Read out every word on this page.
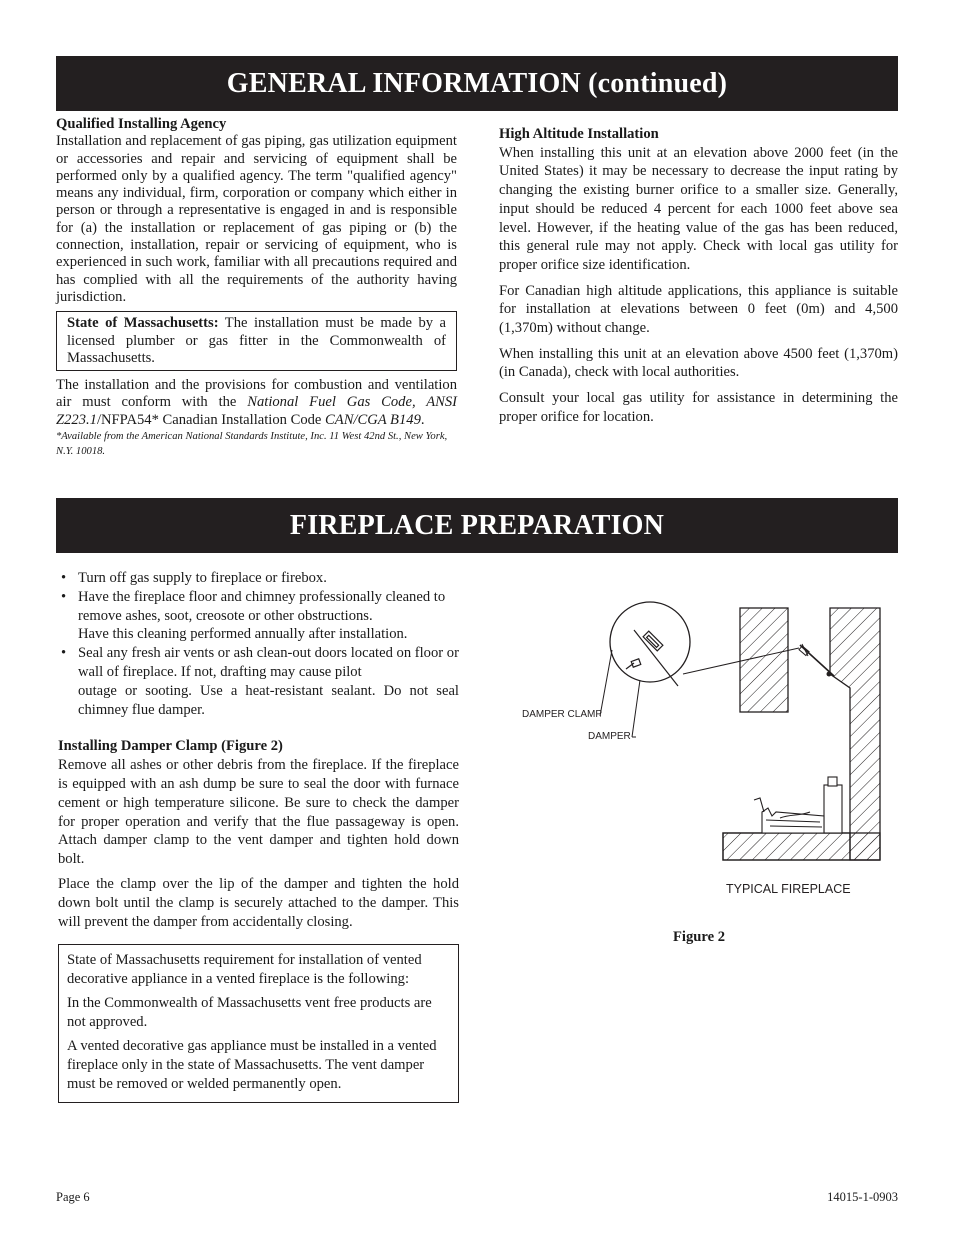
GENERAL INFORMATION (continued)
Qualified Installing Agency

Installation and replacement of gas piping, gas utilization equipment or accessories and repair and servicing of equipment shall be performed only by a qualified agency. The term "qualified agency" means any individual, firm, corporation or company which either in person or through a representative is engaged in and is responsible for (a) the installation or replacement of gas piping or (b) the connection, installation, repair or servicing of equipment, who is experienced in such work, familiar with all precautions required and has complied with all the requirements of the authority having jurisdiction.

State of Massachusetts: The installation must be made by a licensed plumber or gas fitter in the Commonwealth of Massachusetts.

The installation and the provisions for combustion and ventilation air must conform with the National Fuel Gas Code, ANSI Z223.1/NFPA54* Canadian Installation Code CAN/CGA B149.

*Available from the American National Standards Institute, Inc. 11 West 42nd St., New York, N.Y. 10018.

High Altitude Installation

When installing this unit at an elevation above 2000 feet (in the United States) it may be necessary to decrease the input rating by changing the existing burner orifice to a smaller size. Generally, input should be reduced 4 percent for each 1000 feet above sea level. However, if the heating value of the gas has been reduced, this general rule may not apply. Check with local gas utility for proper orifice size identification.

For Canadian high altitude applications, this appliance is suitable for installation at elevations between 0 feet (0m) and 4,500 (1,370m) without change.

When installing this unit at an elevation above 4500 feet (1,370m) (in Canada), check with local authorities.

Consult your local gas utility for assistance in determining the proper orifice for location.

FIREPLACE PREPARATION
• Turn off gas supply to fireplace or firebox.
• Have the fireplace floor and chimney professionally cleaned to remove ashes, soot, creosote or other obstructions.
Have this cleaning performed annually after installation.
• Seal any fresh air vents or ash clean-out doors located on floor or wall of fireplace. If not, drafting may cause pilot
outage or sooting. Use a heat-resistant sealant. Do not seal chimney flue damper.
Installing Damper Clamp (Figure 2)

Remove all ashes or other debris from the fireplace. If the fireplace is equipped with an ash dump be sure to seal the door with furnace cement or high temperature silicone. Be sure to check the damper for proper operation and verify that the flue passageway is open. Attach damper clamp to the vent damper and tighten hold down bolt.

Place the clamp over the lip of the damper and tighten the hold down bolt until the clamp is securely attached to the damper. This will prevent the damper from accidentally closing.

State of Massachusetts requirement for installation of vented decorative appliance in a vented fireplace is the following:

In the Commonwealth of Massachusetts vent free products are not approved.

A vented decorative gas appliance must be installed in a vented fireplace only in the state of Massachusetts. The vent damper must be removed or welded permanently open.

DAMPER CLAMP
DAMPER
TYPICAL FIREPLACE
Figure 2
Page 6	14015-1-0903
